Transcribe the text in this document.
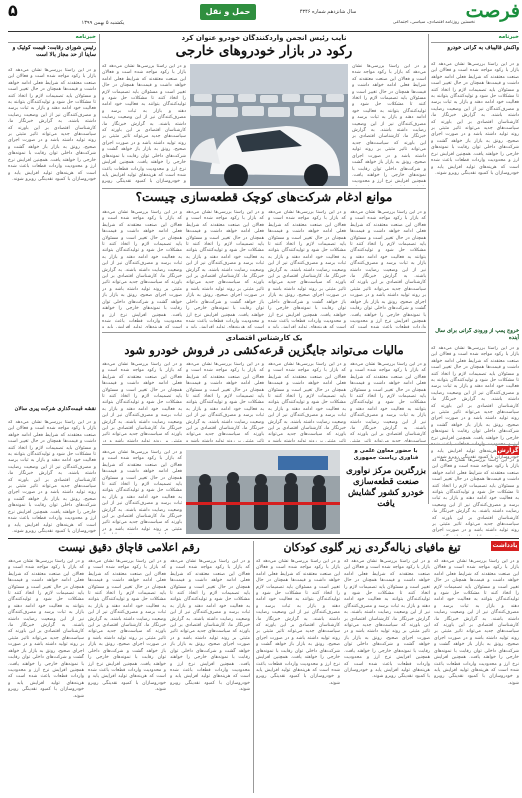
۵
یکشنبه ۵ بهمن ۱۳۹۹
حمل و نقل	سال شانزدهم شماره ۴۳۴۶
نخستین روزنامه اقتصادی، سیاسی، اجتماعی
فرصت
خبرنامه
واکنش قالیباف به گرانی خودرو
و در این راستا بررسی‌ها نشان می‌دهد که بازار با رکود مواجه شده است و فعالان این صنعت معتقدند که شرایط فعلی ادامه خواهد داشت و قیمت‌ها همچنان در حال تغییر است و مسئولان باید تصمیمات لازم را اتخاذ کنند تا مشکلات حل شود و تولیدکنندگان بتوانند به فعالیت خود ادامه دهند و بازار به ثبات برسد و مصرف‌کنندگان نیز از این وضعیت رضایت داشته باشند. به گزارش خبرنگار ما، کارشناسان اقتصادی بر این باورند که سیاست‌های جدید می‌تواند تاثیر مثبتی بر روند تولید داشته باشد و در صورت اجرای صحیح، رونق به بازار باز خواهد گشت و شرکت‌های داخلی توان رقابت با نمونه‌های خارجی را خواهند یافت. همچنین افزایش نرخ ارز و محدودیت واردات قطعات باعث شده است که هزینه‌های تولید افزایش یابد و خودروسازان با کمبود نقدینگی روبرو شوند.
خروج پمپ از ورودی گرانی برای سال آینده
و در این راستا بررسی‌ها نشان می‌دهد که بازار با رکود مواجه شده است و فعالان این صنعت معتقدند که شرایط فعلی ادامه خواهد داشت و قیمت‌ها همچنان در حال تغییر است و مسئولان باید تصمیمات لازم را اتخاذ کنند تا مشکلات حل شود و تولیدکنندگان بتوانند به فعالیت خود ادامه دهند و بازار به ثبات برسد و مصرف‌کنندگان نیز از این وضعیت رضایت داشته باشند. به گزارش خبرنگار ما، کارشناسان اقتصادی بر این باورند که سیاست‌های جدید می‌تواند تاثیر مثبتی بر روند تولید داشته باشد و در صورت اجرای صحیح، رونق به بازار باز خواهد گشت و شرکت‌های داخلی توان رقابت با نمونه‌های خارجی را خواهند یافت. همچنین افزایش نرخ ارز و محدودیت واردات قطعات باعث شده است که هزینه‌های تولید افزایش یابد و خودروسازان با کمبود نقدینگی روبرو شوند.
خبرنامه
رئیس شورای رقابت: قیمت کوئیک و ساینا از حد مجاز بالا است
و در این راستا بررسی‌ها نشان می‌دهد که بازار با رکود مواجه شده است و فعالان این صنعت معتقدند که شرایط فعلی ادامه خواهد داشت و قیمت‌ها همچنان در حال تغییر است و مسئولان باید تصمیمات لازم را اتخاذ کنند تا مشکلات حل شود و تولیدکنندگان بتوانند به فعالیت خود ادامه دهند و بازار به ثبات برسد و مصرف‌کنندگان نیز از این وضعیت رضایت داشته باشند. به گزارش خبرنگار ما، کارشناسان اقتصادی بر این باورند که سیاست‌های جدید می‌تواند تاثیر مثبتی بر روند تولید داشته باشد و در صورت اجرای صحیح، رونق به بازار باز خواهد گشت و شرکت‌های داخلی توان رقابت با نمونه‌های خارجی را خواهند یافت. همچنین افزایش نرخ ارز و محدودیت واردات قطعات باعث شده است که هزینه‌های تولید افزایش یابد و خودروسازان با کمبود نقدینگی روبرو شوند.
نقشه قیمت‌گذاری شرکت پیری سالان
و در این راستا بررسی‌ها نشان می‌دهد که بازار با رکود مواجه شده است و فعالان این صنعت معتقدند که شرایط فعلی ادامه خواهد داشت و قیمت‌ها همچنان در حال تغییر است و مسئولان باید تصمیمات لازم را اتخاذ کنند تا مشکلات حل شود و تولیدکنندگان بتوانند به فعالیت خود ادامه دهند و بازار به ثبات برسد و مصرف‌کنندگان نیز از این وضعیت رضایت داشته باشند. به گزارش خبرنگار ما، کارشناسان اقتصادی بر این باورند که سیاست‌های جدید می‌تواند تاثیر مثبتی بر روند تولید داشته باشد و در صورت اجرای صحیح، رونق به بازار باز خواهد گشت و شرکت‌های داخلی توان رقابت با نمونه‌های خارجی را خواهند یافت. همچنین افزایش نرخ ارز و محدودیت واردات قطعات باعث شده است که هزینه‌های تولید افزایش یابد و خودروسازان با کمبود نقدینگی روبرو شوند.
نایب رئیس انجمن واردکنندگان خودرو عنوان کرد
رکود در بازار خودروهای خارجی
و در این راستا بررسی‌ها نشان می‌دهد که بازار با رکود مواجه شده است و فعالان این صنعت معتقدند که شرایط فعلی ادامه خواهد داشت و قیمت‌ها همچنان در حال تغییر است و مسئولان باید تصمیمات لازم را اتخاذ کنند تا مشکلات حل شود و تولیدکنندگان بتوانند به فعالیت خود ادامه دهند و بازار به ثبات برسد و مصرف‌کنندگان نیز از این وضعیت رضایت داشته باشند. به گزارش خبرنگار ما، کارشناسان اقتصادی بر این باورند که سیاست‌های جدید می‌تواند تاثیر مثبتی بر روند تولید داشته باشد و در صورت اجرای صحیح، رونق به بازار باز خواهد گشت و شرکت‌های داخلی توان رقابت با نمونه‌های خارجی را خواهند یافت. همچنین افزایش نرخ ارز و محدودیت واردات قطعات باعث شده است که هزینه‌های تولید افزایش یابد و خودروسازان با کمبود نقدینگی روبرو شوند.
و در این راستا بررسی‌ها نشان می‌دهد که بازار با رکود مواجه شده است و فعالان این صنعت معتقدند که شرایط فعلی ادامه خواهد داشت و قیمت‌ها همچنان در حال تغییر است و مسئولان باید تصمیمات لازم را اتخاذ کنند تا مشکلات حل شود و تولیدکنندگان بتوانند به فعالیت خود ادامه دهند و بازار به ثبات برسد و مصرف‌کنندگان نیز از این وضعیت رضایت داشته باشند. به گزارش خبرنگار ما، کارشناسان اقتصادی بر این باورند که سیاست‌های جدید می‌تواند تاثیر مثبتی بر روند تولید داشته باشد و در صورت اجرای صحیح، رونق به بازار باز خواهد گشت و شرکت‌های داخلی توان رقابت با نمونه‌های خارجی را خواهند یافت. همچنین افزایش نرخ ارز و محدودیت واردات قطعات باعث شده است که هزینه‌های تولید افزایش یابد و خودروسازان با کمبود نقدینگی روبرو شوند.
موانع ادغام شرکت‌های کوچک قطعه‌سازی چیست؟
و در این راستا بررسی‌ها نشان می‌دهد که بازار با رکود مواجه شده است و فعالان این صنعت معتقدند که شرایط فعلی ادامه خواهد داشت و قیمت‌ها همچنان در حال تغییر است و مسئولان باید تصمیمات لازم را اتخاذ کنند تا مشکلات حل شود و تولیدکنندگان بتوانند به فعالیت خود ادامه دهند و بازار به ثبات برسد و مصرف‌کنندگان نیز از این وضعیت رضایت داشته باشند. به گزارش خبرنگار ما، کارشناسان اقتصادی بر این باورند که سیاست‌های جدید می‌تواند تاثیر مثبتی بر روند تولید داشته باشد و در صورت اجرای صحیح، رونق به بازار باز خواهد گشت و شرکت‌های داخلی توان رقابت با نمونه‌های خارجی را خواهند یافت. همچنین افزایش نرخ ارز و محدودیت واردات قطعات باعث شده است که هزینه‌های تولید افزایش یابد و خودروسازان با کمبود نقدینگی روبرو شوند.
و در این راستا بررسی‌ها نشان می‌دهد که بازار با رکود مواجه شده است و فعالان این صنعت معتقدند که شرایط فعلی ادامه خواهد داشت و قیمت‌ها همچنان در حال تغییر است و مسئولان باید تصمیمات لازم را اتخاذ کنند تا مشکلات حل شود و تولیدکنندگان بتوانند به فعالیت خود ادامه دهند و بازار به ثبات برسد و مصرف‌کنندگان نیز از این وضعیت رضایت داشته باشند. به گزارش خبرنگار ما، کارشناسان اقتصادی بر این باورند که سیاست‌های جدید می‌تواند تاثیر مثبتی بر روند تولید داشته باشد و در صورت اجرای صحیح، رونق به بازار باز خواهد گشت و شرکت‌های داخلی توان رقابت با نمونه‌های خارجی را خواهند یافت. همچنین افزایش نرخ ارز و محدودیت واردات قطعات باعث شده است که هزینه‌های تولید افزایش یابد و خودروسازان با کمبود نقدینگی روبرو شوند.
و در این راستا بررسی‌ها نشان می‌دهد که بازار با رکود مواجه شده است و فعالان این صنعت معتقدند که شرایط فعلی ادامه خواهد داشت و قیمت‌ها همچنان در حال تغییر است و مسئولان باید تصمیمات لازم را اتخاذ کنند تا مشکلات حل شود و تولیدکنندگان بتوانند به فعالیت خود ادامه دهند و بازار به ثبات برسد و مصرف‌کنندگان نیز از این وضعیت رضایت داشته باشند. به گزارش خبرنگار ما، کارشناسان اقتصادی بر این باورند که سیاست‌های جدید می‌تواند تاثیر مثبتی بر روند تولید داشته باشد و در صورت اجرای صحیح، رونق به بازار باز خواهد گشت و شرکت‌های داخلی توان رقابت با نمونه‌های خارجی را خواهند یافت. همچنین افزایش نرخ ارز و محدودیت واردات قطعات باعث شده است که هزینه‌های تولید افزایش یابد و خودروسازان با کمبود نقدینگی روبرو شوند.
و در این راستا بررسی‌ها نشان می‌دهد که بازار با رکود مواجه شده است و فعالان این صنعت معتقدند که شرایط فعلی ادامه خواهد داشت و قیمت‌ها همچنان در حال تغییر است و مسئولان باید تصمیمات لازم را اتخاذ کنند تا مشکلات حل شود و تولیدکنندگان بتوانند به فعالیت خود ادامه دهند و بازار به ثبات برسد و مصرف‌کنندگان نیز از این وضعیت رضایت داشته باشند. به گزارش خبرنگار ما، کارشناسان اقتصادی بر این باورند که سیاست‌های جدید می‌تواند تاثیر مثبتی بر روند تولید داشته باشد و در صورت اجرای صحیح، رونق به بازار باز خواهد گشت و شرکت‌های داخلی توان رقابت با نمونه‌های خارجی را خواهند یافت. همچنین افزایش نرخ ارز و محدودیت واردات قطعات باعث شده است که هزینه‌های تولید افزایش یابد و خودروسازان با کمبود نقدینگی روبرو شوند.
یک کارشناس اقتصادی
مالیات می‌تواند جایگزین قرعه‌کشی در فروش خودرو شود
و در این راستا بررسی‌ها نشان می‌دهد که بازار با رکود مواجه شده است و فعالان این صنعت معتقدند که شرایط فعلی ادامه خواهد داشت و قیمت‌ها همچنان در حال تغییر است و مسئولان باید تصمیمات لازم را اتخاذ کنند تا مشکلات حل شود و تولیدکنندگان بتوانند به فعالیت خود ادامه دهند و بازار به ثبات برسد و مصرف‌کنندگان نیز از این وضعیت رضایت داشته باشند. به گزارش خبرنگار ما، کارشناسان اقتصادی بر این باورند که سیاست‌های جدید می‌تواند تاثیر مثبتی بر روند تولید داشته باشد و در صورت اجرای صحیح، رونق به بازار باز خواهد گشت و شرکت‌های داخلی توان رقابت با نمونه‌های خارجی را خواهند یافت. همچنین افزایش نرخ ارز و محدودیت واردات قطعات باعث شده است که هزینه‌های تولید افزایش یابد و خودروسازان با کمبود نقدینگی روبرو شوند.
و در این راستا بررسی‌ها نشان می‌دهد که بازار با رکود مواجه شده است و فعالان این صنعت معتقدند که شرایط فعلی ادامه خواهد داشت و قیمت‌ها همچنان در حال تغییر است و مسئولان باید تصمیمات لازم را اتخاذ کنند تا مشکلات حل شود و تولیدکنندگان بتوانند به فعالیت خود ادامه دهند و بازار به ثبات برسد و مصرف‌کنندگان نیز از این وضعیت رضایت داشته باشند. به گزارش خبرنگار ما، کارشناسان اقتصادی بر این باورند که سیاست‌های جدید می‌تواند تاثیر مثبتی بر روند تولید داشته باشد و در صورت اجرای صحیح، رونق به بازار باز خواهد گشت و شرکت‌های داخلی توان رقابت با نمونه‌های خارجی را خواهند یافت. همچنین افزایش نرخ ارز و محدودیت واردات قطعات باعث شده است که هزینه‌های تولید افزایش یابد و خودروسازان با کمبود نقدینگی روبرو شوند.
و در این راستا بررسی‌ها نشان می‌دهد که بازار با رکود مواجه شده است و فعالان این صنعت معتقدند که شرایط فعلی ادامه خواهد داشت و قیمت‌ها همچنان در حال تغییر است و مسئولان باید تصمیمات لازم را اتخاذ کنند تا مشکلات حل شود و تولیدکنندگان بتوانند به فعالیت خود ادامه دهند و بازار به ثبات برسد و مصرف‌کنندگان نیز از این وضعیت رضایت داشته باشند. به گزارش خبرنگار ما، کارشناسان اقتصادی بر این باورند که سیاست‌های جدید می‌تواند تاثیر مثبتی بر روند تولید داشته باشد و در صورت اجرای صحیح، رونق به بازار باز خواهد گشت و شرکت‌های داخلی توان رقابت با نمونه‌های خارجی را خواهند یافت. همچنین افزایش نرخ ارز و محدودیت واردات قطعات باعث شده است که هزینه‌های تولید افزایش یابد و خودروسازان با کمبود نقدینگی روبرو شوند.
و در این راستا بررسی‌ها نشان می‌دهد که بازار با رکود مواجه شده است و فعالان این صنعت معتقدند که شرایط فعلی ادامه خواهد داشت و قیمت‌ها همچنان در حال تغییر است و مسئولان باید تصمیمات لازم را اتخاذ کنند تا مشکلات حل شود و تولیدکنندگان بتوانند به فعالیت خود ادامه دهند و بازار به ثبات برسد و مصرف‌کنندگان نیز از این وضعیت رضایت داشته باشند. به گزارش خبرنگار ما، کارشناسان اقتصادی بر این باورند که سیاست‌های جدید می‌تواند تاثیر مثبتی بر روند تولید داشته باشد و در صورت اجرای صحیح، رونق به بازار باز خواهد گشت و شرکت‌های داخلی توان رقابت با نمونه‌های خارجی را خواهند یافت. همچنین افزایش نرخ ارز و محدودیت واردات قطعات باعث شده است که هزینه‌های تولید افزایش یابد و خودروسازان با کمبود نقدینگی روبرو شوند.
گزارش
و در این راستا بررسی‌ها نشان می‌دهد که بازار با رکود مواجه شده است و فعالان این صنعت معتقدند که شرایط فعلی ادامه خواهد داشت و قیمت‌ها همچنان در حال تغییر است و مسئولان باید تصمیمات لازم را اتخاذ کنند تا مشکلات حل شود و تولیدکنندگان بتوانند به فعالیت خود ادامه دهند و بازار به ثبات برسد و مصرف‌کنندگان نیز از این وضعیت رضایت داشته باشند. به گزارش خبرنگار ما، کارشناسان اقتصادی بر این باورند که سیاست‌های جدید می‌تواند تاثیر مثبتی بر روند تولید داشته باشد و در صورت اجرای صحیح، رونق به بازار باز خواهد گشت و شرکت‌های داخلی توان رقابت با نمونه‌های خارجی را خواهند یافت. همچنین افزایش نرخ ارز و محدودیت واردات قطعات باعث شده است که هزینه‌های تولید افزایش یابد و خودروسازان با کمبود نقدینگی روبرو شوند.
با حضور معاون علمی و فناوری ریاست جمهوری
بزرگترین مرکز نوآوری صنعت قطعه‌سازی خودرو کشور گشایش یافت
و در این راستا بررسی‌ها نشان می‌دهد که بازار با رکود مواجه شده است و فعالان این صنعت معتقدند که شرایط فعلی ادامه خواهد داشت و قیمت‌ها همچنان در حال تغییر است و مسئولان باید تصمیمات لازم را اتخاذ کنند تا مشکلات حل شود و تولیدکنندگان بتوانند به فعالیت خود ادامه دهند و بازار به ثبات برسد و مصرف‌کنندگان نیز از این وضعیت رضایت داشته باشند. به گزارش خبرنگار ما، کارشناسان اقتصادی بر این باورند که سیاست‌های جدید می‌تواند تاثیر مثبتی بر روند تولید داشته باشد و در صورت اجرای صحیح، رونق به بازار باز خواهد گشت و شرکت‌های داخلی توان رقابت با نمونه‌های خارجی را خواهند یافت. همچنین افزایش نرخ ارز و محدودیت واردات قطعات باعث شده است که هزینه‌های تولید افزایش یابد و خودروسازان با کمبود نقدینگی روبرو شوند.
یادداشت
تیغ مافیای زباله‌گردی زیر گلوی کودکان
و در این راستا بررسی‌ها نشان می‌دهد که بازار با رکود مواجه شده است و فعالان این صنعت معتقدند که شرایط فعلی ادامه خواهد داشت و قیمت‌ها همچنان در حال تغییر است و مسئولان باید تصمیمات لازم را اتخاذ کنند تا مشکلات حل شود و تولیدکنندگان بتوانند به فعالیت خود ادامه دهند و بازار به ثبات برسد و مصرف‌کنندگان نیز از این وضعیت رضایت داشته باشند. به گزارش خبرنگار ما، کارشناسان اقتصادی بر این باورند که سیاست‌های جدید می‌تواند تاثیر مثبتی بر روند تولید داشته باشد و در صورت اجرای صحیح، رونق به بازار باز خواهد گشت و شرکت‌های داخلی توان رقابت با نمونه‌های خارجی را خواهند یافت. همچنین افزایش نرخ ارز و محدودیت واردات قطعات باعث شده است که هزینه‌های تولید افزایش یابد و خودروسازان با کمبود نقدینگی روبرو شوند.
و در این راستا بررسی‌ها نشان می‌دهد که بازار با رکود مواجه شده است و فعالان این صنعت معتقدند که شرایط فعلی ادامه خواهد داشت و قیمت‌ها همچنان در حال تغییر است و مسئولان باید تصمیمات لازم را اتخاذ کنند تا مشکلات حل شود و تولیدکنندگان بتوانند به فعالیت خود ادامه دهند و بازار به ثبات برسد و مصرف‌کنندگان نیز از این وضعیت رضایت داشته باشند. به گزارش خبرنگار ما، کارشناسان اقتصادی بر این باورند که سیاست‌های جدید می‌تواند تاثیر مثبتی بر روند تولید داشته باشد و در صورت اجرای صحیح، رونق به بازار باز خواهد گشت و شرکت‌های داخلی توان رقابت با نمونه‌های خارجی را خواهند یافت. همچنین افزایش نرخ ارز و محدودیت واردات قطعات باعث شده است که هزینه‌های تولید افزایش یابد و خودروسازان با کمبود نقدینگی روبرو شوند.
و در این راستا بررسی‌ها نشان می‌دهد که بازار با رکود مواجه شده است و فعالان این صنعت معتقدند که شرایط فعلی ادامه خواهد داشت و قیمت‌ها همچنان در حال تغییر است و مسئولان باید تصمیمات لازم را اتخاذ کنند تا مشکلات حل شود و تولیدکنندگان بتوانند به فعالیت خود ادامه دهند و بازار به ثبات برسد و مصرف‌کنندگان نیز از این وضعیت رضایت داشته باشند. به گزارش خبرنگار ما، کارشناسان اقتصادی بر این باورند که سیاست‌های جدید می‌تواند تاثیر مثبتی بر روند تولید داشته باشد و در صورت اجرای صحیح، رونق به بازار باز خواهد گشت و شرکت‌های داخلی توان رقابت با نمونه‌های خارجی را خواهند یافت. همچنین افزایش نرخ ارز و محدودیت واردات قطعات باعث شده است که هزینه‌های تولید افزایش یابد و خودروسازان با کمبود نقدینگی روبرو شوند.
رقم اعلامی قاچاق دقیق نیست
و در این راستا بررسی‌ها نشان می‌دهد که بازار با رکود مواجه شده است و فعالان این صنعت معتقدند که شرایط فعلی ادامه خواهد داشت و قیمت‌ها همچنان در حال تغییر است و مسئولان باید تصمیمات لازم را اتخاذ کنند تا مشکلات حل شود و تولیدکنندگان بتوانند به فعالیت خود ادامه دهند و بازار به ثبات برسد و مصرف‌کنندگان نیز از این وضعیت رضایت داشته باشند. به گزارش خبرنگار ما، کارشناسان اقتصادی بر این باورند که سیاست‌های جدید می‌تواند تاثیر مثبتی بر روند تولید داشته باشد و در صورت اجرای صحیح، رونق به بازار باز خواهد گشت و شرکت‌های داخلی توان رقابت با نمونه‌های خارجی را خواهند یافت. همچنین افزایش نرخ ارز و محدودیت واردات قطعات باعث شده است که هزینه‌های تولید افزایش یابد و خودروسازان با کمبود نقدینگی روبرو شوند.
و در این راستا بررسی‌ها نشان می‌دهد که بازار با رکود مواجه شده است و فعالان این صنعت معتقدند که شرایط فعلی ادامه خواهد داشت و قیمت‌ها همچنان در حال تغییر است و مسئولان باید تصمیمات لازم را اتخاذ کنند تا مشکلات حل شود و تولیدکنندگان بتوانند به فعالیت خود ادامه دهند و بازار به ثبات برسد و مصرف‌کنندگان نیز از این وضعیت رضایت داشته باشند. به گزارش خبرنگار ما، کارشناسان اقتصادی بر این باورند که سیاست‌های جدید می‌تواند تاثیر مثبتی بر روند تولید داشته باشد و در صورت اجرای صحیح، رونق به بازار باز خواهد گشت و شرکت‌های داخلی توان رقابت با نمونه‌های خارجی را خواهند یافت. همچنین افزایش نرخ ارز و محدودیت واردات قطعات باعث شده است که هزینه‌های تولید افزایش یابد و خودروسازان با کمبود نقدینگی روبرو شوند.
و در این راستا بررسی‌ها نشان می‌دهد که بازار با رکود مواجه شده است و فعالان این صنعت معتقدند که شرایط فعلی ادامه خواهد داشت و قیمت‌ها همچنان در حال تغییر است و مسئولان باید تصمیمات لازم را اتخاذ کنند تا مشکلات حل شود و تولیدکنندگان بتوانند به فعالیت خود ادامه دهند و بازار به ثبات برسد و مصرف‌کنندگان نیز از این وضعیت رضایت داشته باشند. به گزارش خبرنگار ما، کارشناسان اقتصادی بر این باورند که سیاست‌های جدید می‌تواند تاثیر مثبتی بر روند تولید داشته باشد و در صورت اجرای صحیح، رونق به بازار باز خواهد گشت و شرکت‌های داخلی توان رقابت با نمونه‌های خارجی را خواهند یافت. همچنین افزایش نرخ ارز و محدودیت واردات قطعات باعث شده است که هزینه‌های تولید افزایش یابد و خودروسازان با کمبود نقدینگی روبرو شوند.
